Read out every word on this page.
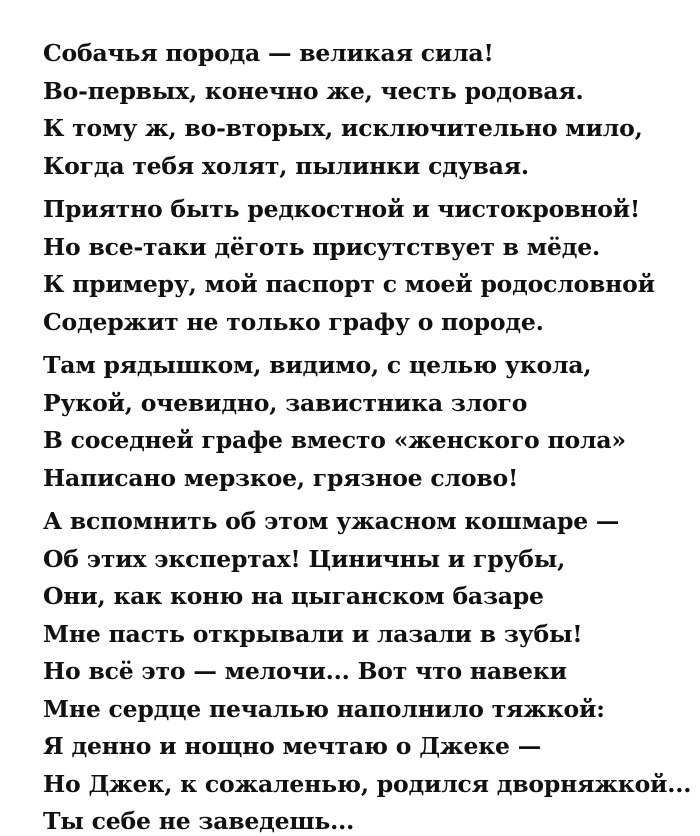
Собачья порода — великая сила!
Во-первых, конечно же, честь родовая.
К тому ж, во-вторых, исключительно мило,
Когда тебя холят, пылинки сдувая.
Приятно быть редкостной и чистокровной!
Но все-таки дёготь присутствует в мёде.
К примеру, мой паспорт с моей родословной
Содержит не только графу о породе.
Там рядышком, видимо, с целью укола,
Рукой, очевидно, завистника злого
В соседней графе вместо «женского пола»
Написано мерзкое, грязное слово!
А вспомнить об этом ужасном кошмаре —
Об этих экспертах! Циничны и грубы,
Они, как коню на цыганском базаре
Мне пасть открывали и лазали в зубы!
Но всё это — мелочи... Вот что навеки
Мне сердце печалью наполнило тяжкой:
Я денно и нощно мечтаю о Джеке —
Но Джек, к сожаленью, родился дворняжкой...
Ты себе не заведешь...
